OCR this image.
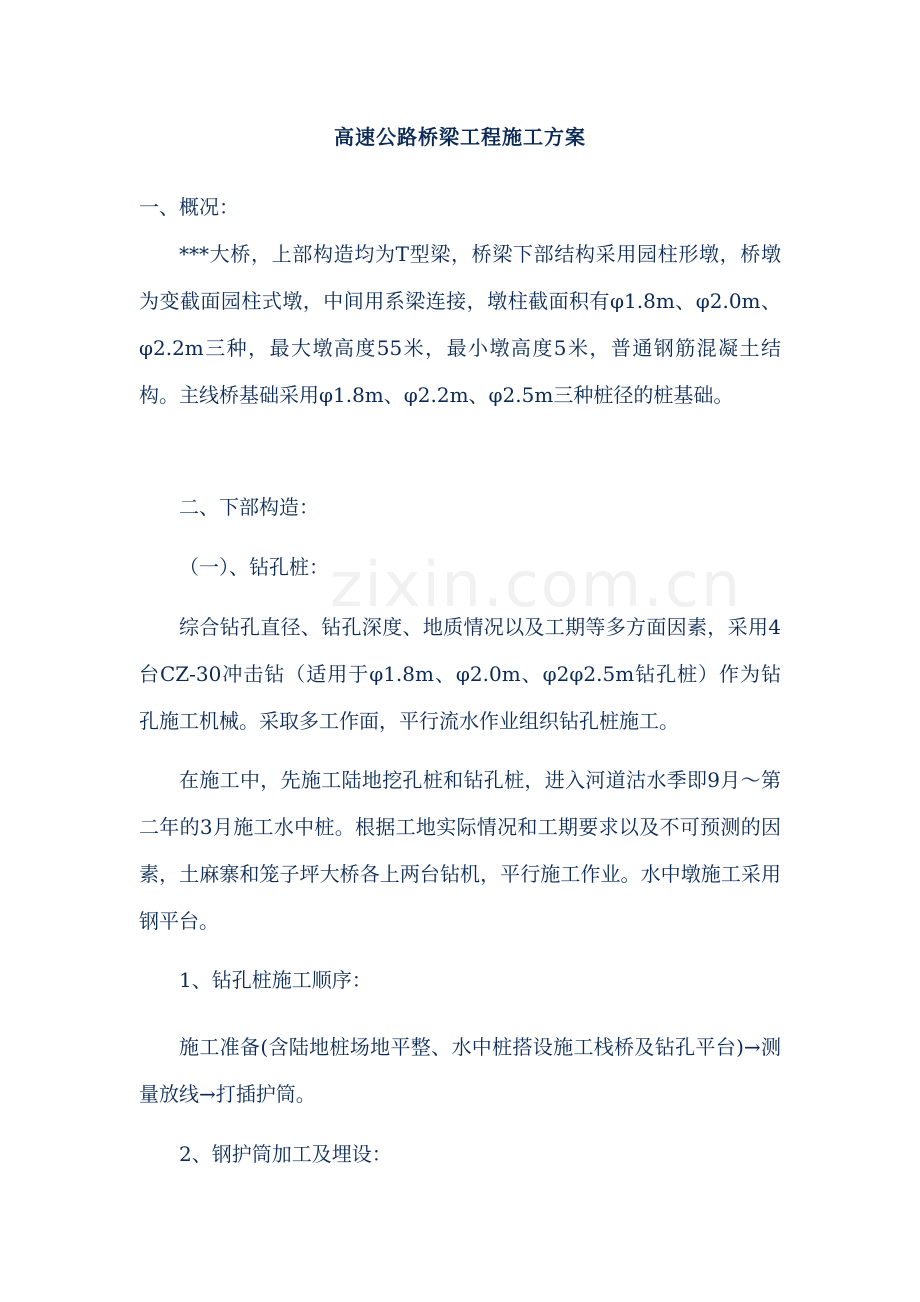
zixin.com.cn
高速公路桥梁工程施工方案
一、概况：
***大桥，上部构造均为T型梁，桥梁下部结构采用园柱形墩，桥墩为变截面园柱式墩，中间用系梁连接，墩柱截面积有φ1.8m、φ2.0m、φ2.2m三种，最大墩高度55米，最小墩高度5米，普通钢筋混凝土结构。主线桥基础采用φ1.8m、φ2.2m、φ2.5m三种桩径的桩基础。
二、下部构造：
（一）、钻孔桩：
综合钻孔直径、钻孔深度、地质情况以及工期等多方面因素，采用4台CZ-30冲击钻（适用于φ1.8m、φ2.0m、φ2φ2.5m钻孔桩）作为钻孔施工机械。采取多工作面，平行流水作业组织钻孔桩施工。
在施工中，先施工陆地挖孔桩和钻孔桩，进入河道沽水季即9月～第二年的3月施工水中桩。根据工地实际情况和工期要求以及不可预测的因素，土麻寨和笼子坪大桥各上两台钻机，平行施工作业。水中墩施工采用钢平台。
1、钻孔桩施工顺序：
施工准备(含陆地桩场地平整、水中桩搭设施工栈桥及钻孔平台)→测量放线→打插护筒。
2、钢护筒加工及埋设：
